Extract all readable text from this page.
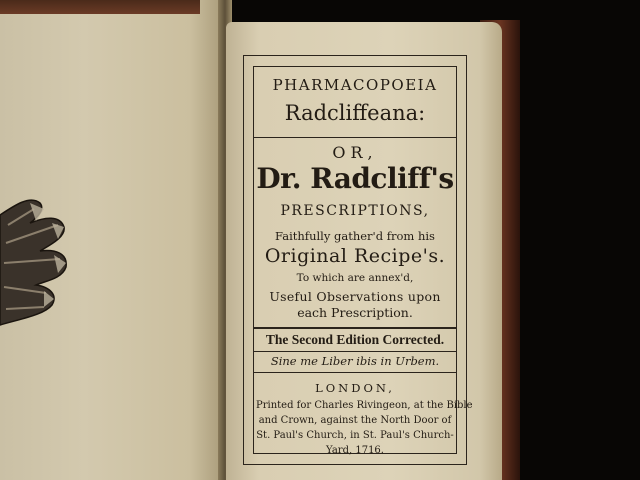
PHARMACOPOEIA
Radcliffeana:
OR,
Dr. Radcliff's
PRESCRIPTIONS,
Faithfully gather'd from his
Original Recipe's.
To which are annex'd,
Useful Observations upon
each Prescription.
The Second Edition Corrected.
Sine me Liber ibis in Urbem.
LONDON,
Printed for Charles Rivingeon, at the Bible
and Crown, against the North Door of
St. Paul's Church, in St. Paul's Church-
Yard, 1716.
